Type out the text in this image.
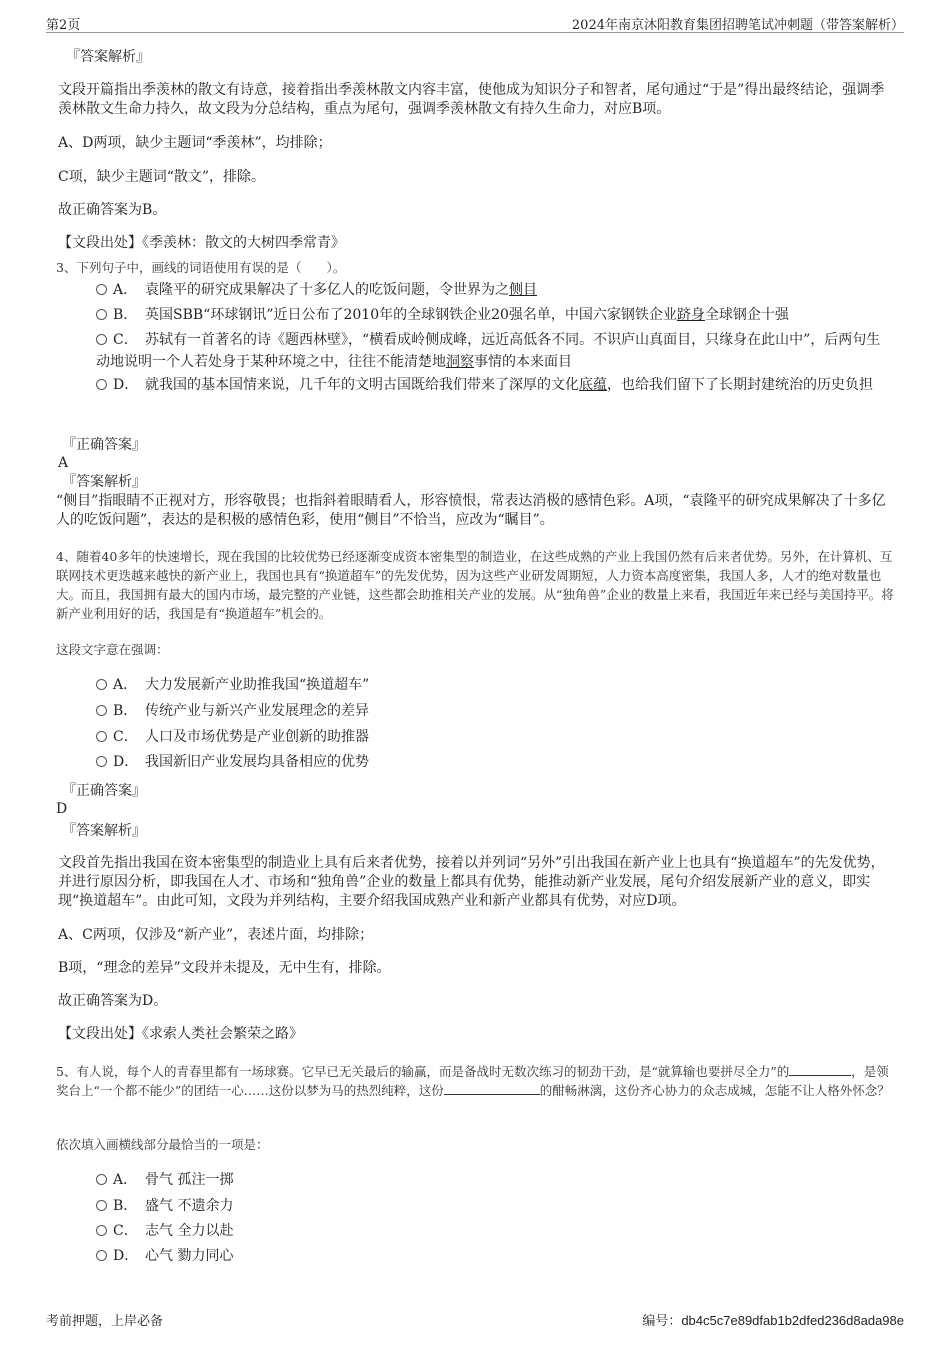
第2页	2024年南京沐阳教育集团招聘笔试冲刺题（带答案解析）
『答案解析』
文段开篇指出季羡林的散文有诗意，接着指出季羡林散文内容丰富，使他成为知识分子和智者，尾句通过“于是”得出最终结论，强调季羡林散文生命力持久，故文段为分总结构，重点为尾句，强调季羡林散文有持久生命力，对应B项。
A、D两项，缺少主题词“季羡林”，均排除；
C项，缺少主题词“散文”，排除。
故正确答案为B。
【文段出处】《季羡林：散文的大树四季常青》
3、下列句子中，画线的词语使用有误的是（　　）。
A． 袁隆平的研究成果解决了十多亿人的吃饭问题，令世界为之侧目
B． 英国SBB“环球钢讯”近日公布了2010年的全球钢铁企业20强名单，中国六家钢铁企业跻身全球钢企十强
C． 苏轼有一首著名的诗《题西林壁》，“横看成岭侧成峰，远近高低各不同。不识庐山真面目，只缘身在此山中”，后两句生动地说明一个人若处身于某种环境之中，往往不能清楚地洞察事情的本来面目
D． 就我国的基本国情来说，几千年的文明古国既给我们带来了深厚的文化底蕴，也给我们留下了长期封建统治的历史负担
『正确答案』
A
『答案解析』
“侧目”指眼睛不正视对方，形容敬畏；也指斜着眼睛看人，形容愤恨，常表达消极的感情色彩。A项，“袁隆平的研究成果解决了十多亿人的吃饭问题”，表达的是积极的感情色彩，使用“侧目”不恰当，应改为“瞩目”。
4、随着40多年的快速增长，现在我国的比较优势已经逐渐变成资本密集型的制造业，在这些成熟的产业上我国仍然有后来者优势。另外，在计算机、互联网技术更迭越来越快的新产业上，我国也具有“换道超车”的先发优势，因为这些产业研发周期短，人力资本高度密集，我国人多，人才的绝对数量也大。而且，我国拥有最大的国内市场，最完整的产业链，这些都会助推相关产业的发展。从“独角兽”企业的数量上来看，我国近年来已经与美国持平。将新产业利用好的话，我国是有“换道超车”机会的。
这段文字意在强调：
A． 大力发展新产业助推我国“换道超车”
B． 传统产业与新兴产业发展理念的差异
C． 人口及市场优势是产业创新的助推器
D． 我国新旧产业发展均具备相应的优势
『正确答案』
D
『答案解析』
文段首先指出我国在资本密集型的制造业上具有后来者优势，接着以并列词“另外”引出我国在新产业上也具有“换道超车”的先发优势，并进行原因分析，即我国在人才、市场和“独角兽”企业的数量上都具有优势，能推动新产业发展，尾句介绍发展新产业的意义，即实现“换道超车”。由此可知，文段为并列结构，主要介绍我国成熟产业和新产业都具有优势，对应D项。
A、C两项，仅涉及“新产业”，表述片面，均排除；
B项，“理念的差异”文段并未提及，无中生有，排除。
故正确答案为D。
【文段出处】《求索人类社会繁荣之路》
5、有人说，每个人的青春里都有一场球赛。它早已无关最后的输赢，而是备战时无数次练习的韧劲干劲，是“就算输也要拼尽全力”的	，是领奖台上“一个都不能少”的团结一心……这份以梦为马的热烈纯粹，这份	的酣畅淋漓，这份齐心协力的众志成城，怎能不让人格外怀念？
依次填入画横线部分最恰当的一项是：
A． 骨气 孤注一掷
B． 盛气 不遗余力
C． 志气 全力以赴
D． 心气 勠力同心
考前押题，上岸必备	编号：db4c5c7e89dfab1b2dfed236d8ada98e
